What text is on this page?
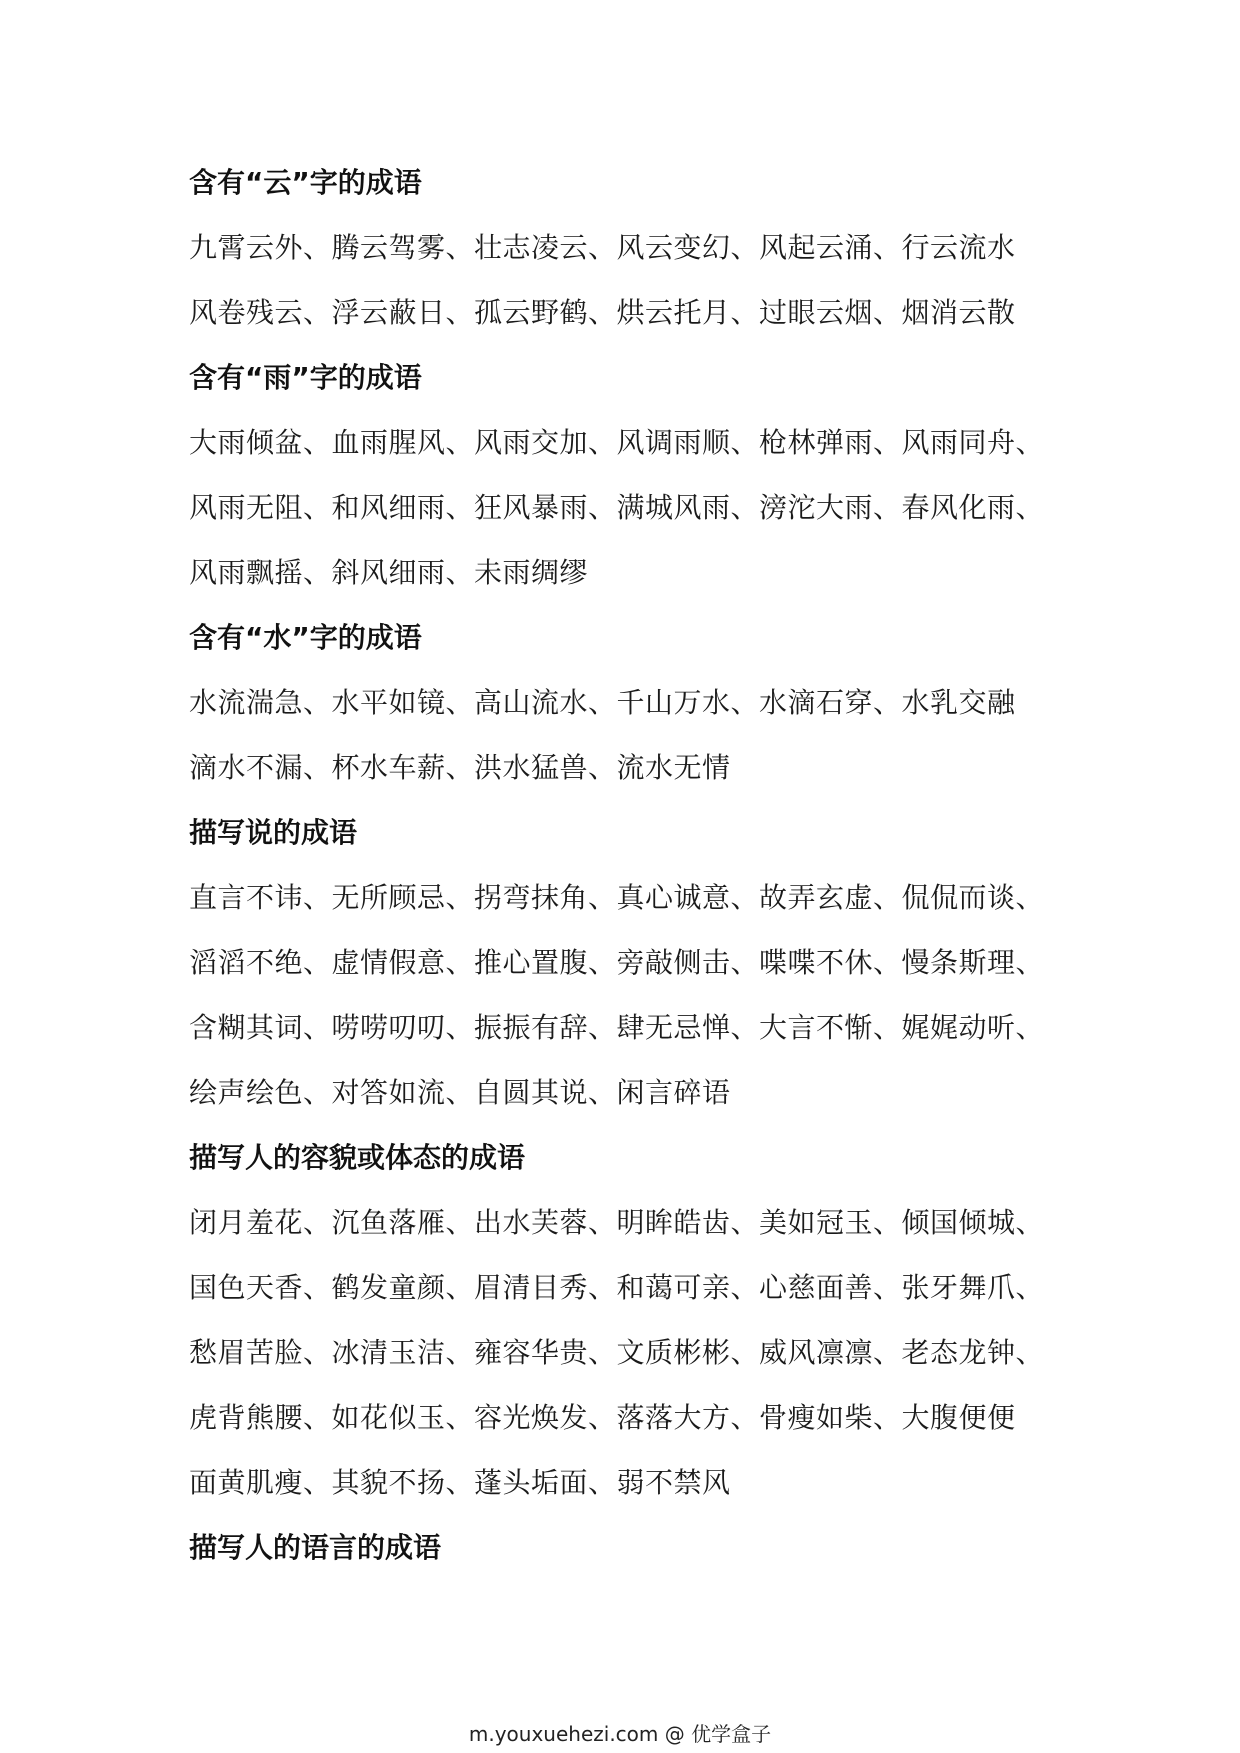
含有“云”字的成语
九霄云外、腾云驾雾、壮志凌云、风云变幻、风起云涌、行云流水
风卷残云、浮云蔽日、孤云野鹤、烘云托月、过眼云烟、烟消云散
含有“雨”字的成语
大雨倾盆、血雨腥风、风雨交加、风调雨顺、枪林弹雨、风雨同舟、
风雨无阻、和风细雨、狂风暴雨、满城风雨、滂沱大雨、春风化雨、
风雨飘摇、斜风细雨、未雨绸缪
含有“水”字的成语
水流湍急、水平如镜、高山流水、千山万水、水滴石穿、水乳交融
滴水不漏、杯水车薪、洪水猛兽、流水无情
描写说的成语
直言不讳、无所顾忌、拐弯抹角、真心诚意、故弄玄虚、侃侃而谈、
滔滔不绝、虚情假意、推心置腹、旁敲侧击、喋喋不休、慢条斯理、
含糊其词、唠唠叨叨、振振有辞、肆无忌惮、大言不惭、娓娓动听、
绘声绘色、对答如流、自圆其说、闲言碎语
描写人的容貌或体态的成语
闭月羞花、沉鱼落雁、出水芙蓉、明眸皓齿、美如冠玉、倾国倾城、
国色天香、鹤发童颜、眉清目秀、和蔼可亲、心慈面善、张牙舞爪、
愁眉苦脸、冰清玉洁、雍容华贵、文质彬彬、威风凛凛、老态龙钟、
虎背熊腰、如花似玉、容光焕发、落落大方、骨瘦如柴、大腹便便
面黄肌瘦、其貌不扬、蓬头垢面、弱不禁风
描写人的语言的成语
m.youxuehezi.com @ 优学盒子
